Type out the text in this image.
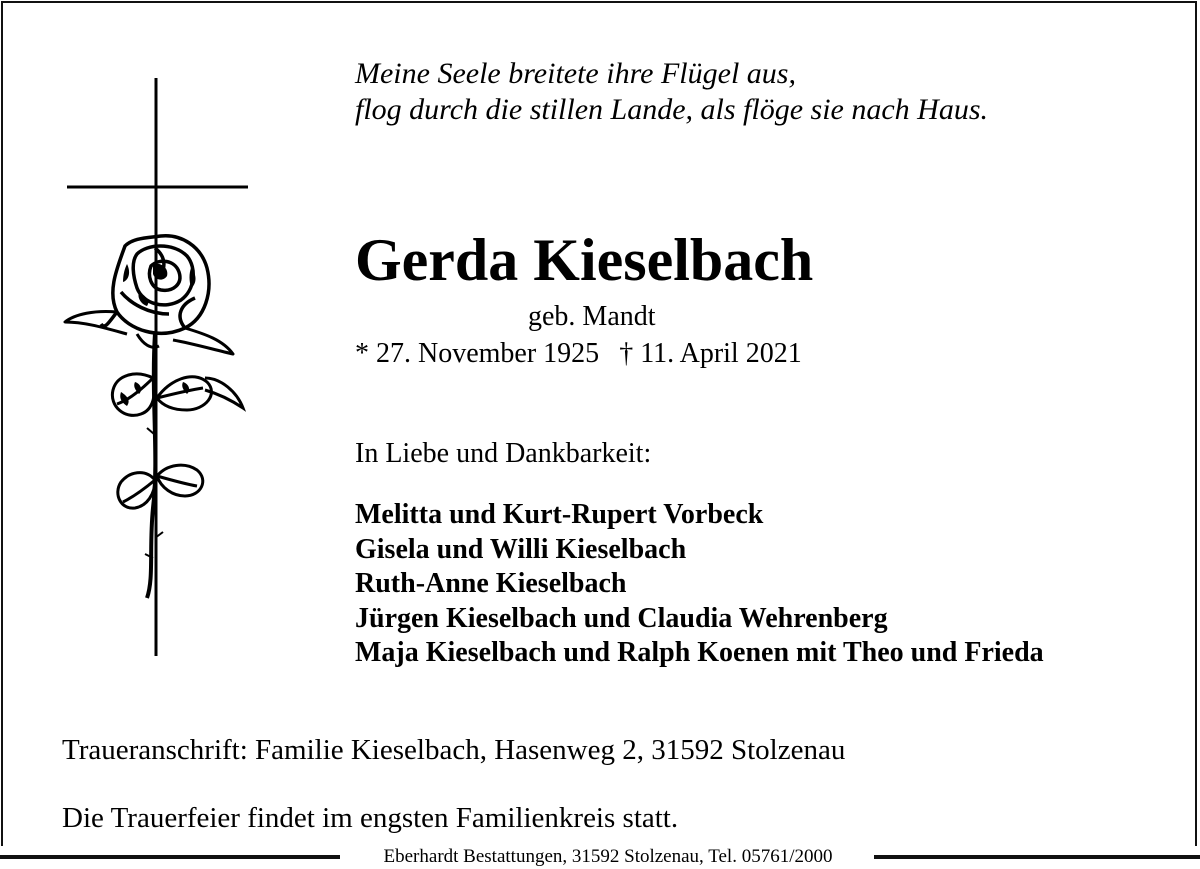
Meine Seele breitete ihre Flügel aus,
flog durch die stillen Lande, als flöge sie nach Haus.
Gerda Kieselbach
geb. Mandt
* 27. November 1925 † 11. April 2021
In Liebe und Dankbarkeit:
Melitta und Kurt-Rupert Vorbeck
Gisela und Willi Kieselbach
Ruth-Anne Kieselbach
Jürgen Kieselbach und Claudia Wehrenberg
Maja Kieselbach und Ralph Koenen mit Theo und Frieda
Traueranschrift: Familie Kieselbach, Hasenweg 2, 31592 Stolzenau
Die Trauerfeier findet im engsten Familienkreis statt.
Eberhardt Bestattungen, 31592 Stolzenau, Tel. 05761/2000
